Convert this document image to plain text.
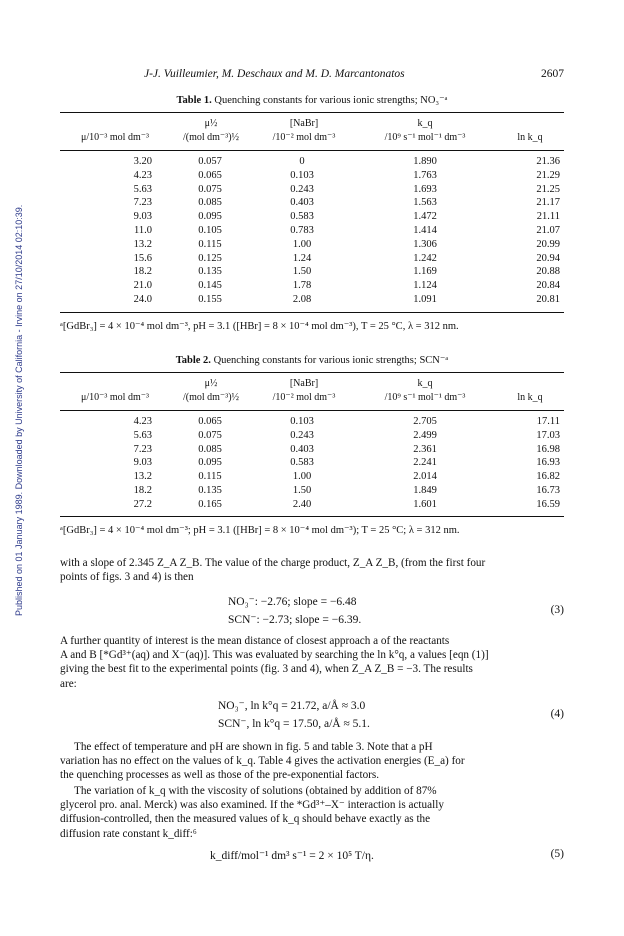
Published on 01 January 1989. Downloaded by University of California - Irvine on 27/10/2014 02:10:39.
J-J. Vuilleumier, M. Deschaux and M. D. Marcantonatos	2607
Table 1. Quenching constants for various ionic strengths; NO₃⁻ᵃ
μ½	[NaBr]	k_q
μ/10⁻³ mol dm⁻³	/(mol dm⁻³)½	/10⁻² mol dm⁻³	/10⁹ s⁻¹ mol⁻¹ dm⁻³	ln k_q
3.20	0.057	0	1.890	21.36
4.23	0.065	0.103	1.763	21.29
5.63	0.075	0.243	1.693	21.25
7.23	0.085	0.403	1.563	21.17
9.03	0.095	0.583	1.472	21.11
11.0	0.105	0.783	1.414	21.07
13.2	0.115	1.00	1.306	20.99
15.6	0.125	1.24	1.242	20.94
18.2	0.135	1.50	1.169	20.88
21.0	0.145	1.78	1.124	20.84
24.0	0.155	2.08	1.091	20.81
ᵃ[GdBr₃] = 4 × 10⁻⁴ mol dm⁻³, pH = 3.1 ([HBr] = 8 × 10⁻⁴ mol dm⁻³), T = 25 °C, λ = 312 nm.
Table 2. Quenching constants for various ionic strengths; SCN⁻ᵃ
μ½	[NaBr]	k_q
μ/10⁻³ mol dm⁻³	/(mol dm⁻³)½	/10⁻² mol dm⁻³	/10⁹ s⁻¹ mol⁻¹ dm⁻³	ln k_q
4.23	0.065	0.103	2.705	17.11
5.63	0.075	0.243	2.499	17.03
7.23	0.085	0.403	2.361	16.98
9.03	0.095	0.583	2.241	16.93
13.2	0.115	1.00	2.014	16.82
18.2	0.135	1.50	1.849	16.73
27.2	0.165	2.40	1.601	16.59
ᵃ[GdBr₃] = 4 × 10⁻⁴ mol dm⁻³; pH = 3.1 ([HBr] = 8 × 10⁻⁴ mol dm⁻³); T = 25 °C; λ = 312 nm.
with a slope of 2.345 Z_A Z_B. The value of the charge product, Z_A Z_B, (from the first four
points of figs. 3 and 4) is then
NO₃⁻: −2.76; slope = −6.48
SCN⁻: −2.73; slope = −6.39.
(3)
A further quantity of interest is the mean distance of closest approach a of the reactants
A and B [*Gd³⁺(aq) and X⁻(aq)]. This was evaluated by searching the ln k°q, a values [eqn (1)]
giving the best fit to the experimental points (fig. 3 and 4), when Z_A Z_B = −3. The results
are:
NO₃⁻, ln k°q = 21.72, a/Å ≈ 3.0
SCN⁻, ln k°q = 17.50, a/Å ≈ 5.1.
(4)
The effect of temperature and pH are shown in fig. 5 and table 3. Note that a pH
variation has no effect on the values of k_q. Table 4 gives the activation energies (E_a) for
the quenching processes as well as those of the pre-exponential factors.
The variation of k_q with the viscosity of solutions (obtained by addition of 87%
glycerol pro. anal. Merck) was also examined. If the *Gd³⁺–X⁻ interaction is actually
diffusion-controlled, then the measured values of k_q should behave exactly as the
diffusion rate constant k_diff:⁶
k_diff/mol⁻¹ dm³ s⁻¹ = 2 × 10⁵ T/η.	(5)
